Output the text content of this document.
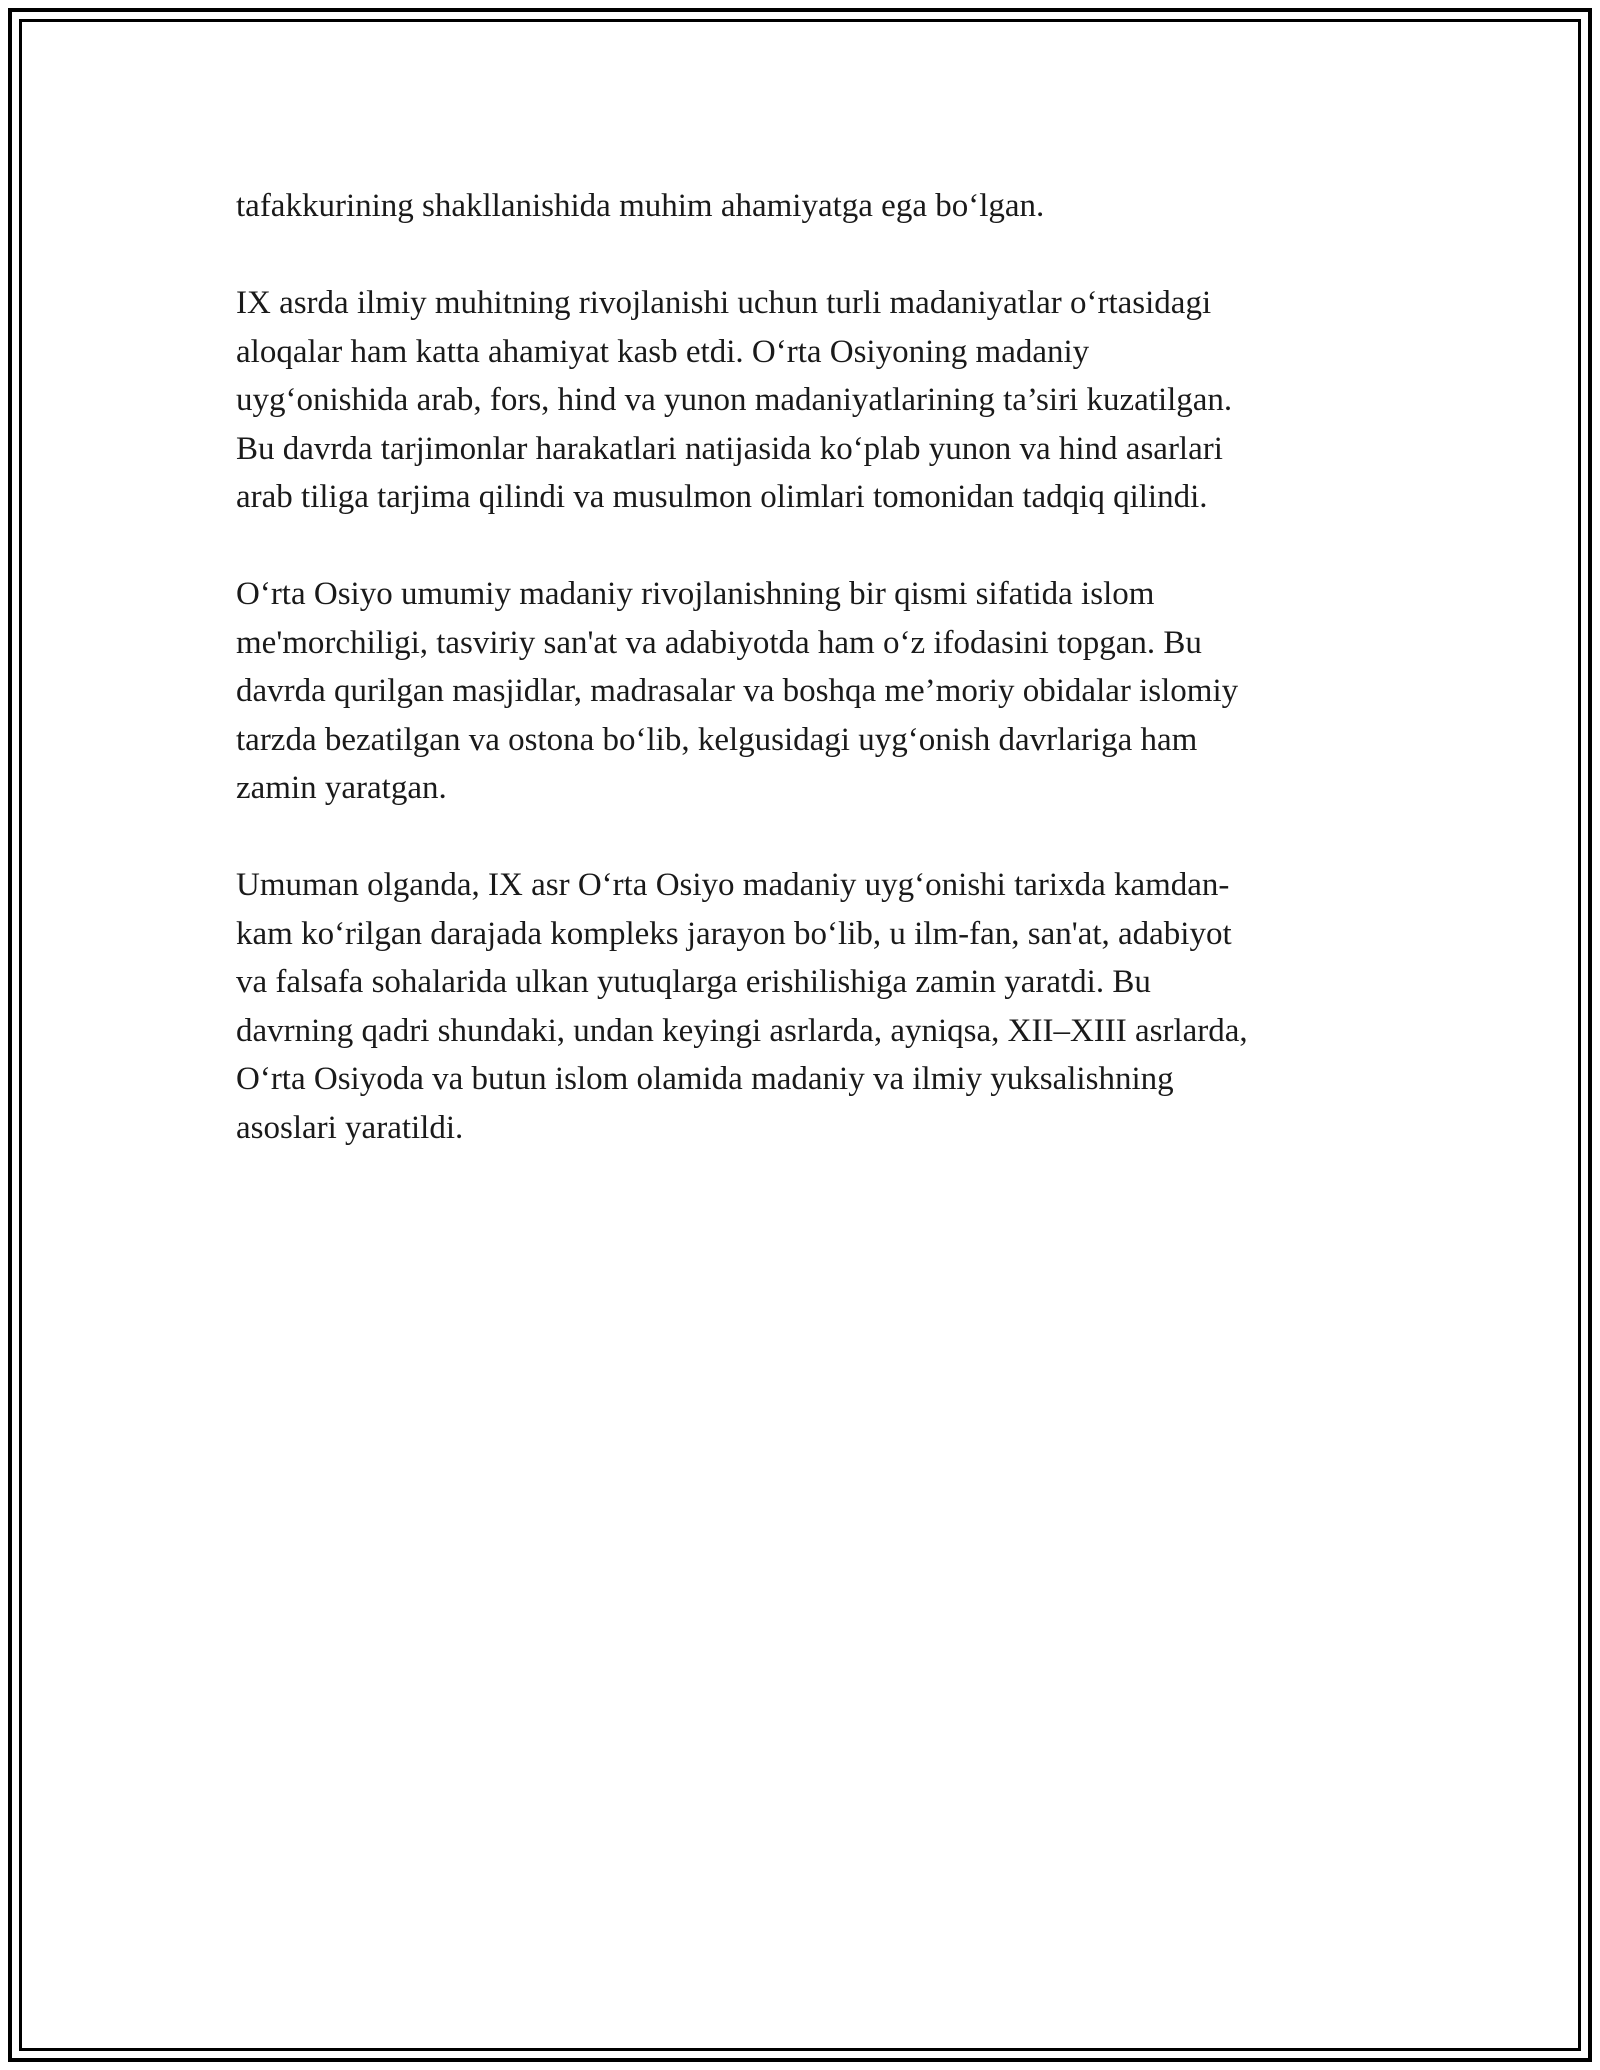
tafakkurining shakllanishida muhim ahamiyatga ega bo‘lgan.

IX asrda ilmiy muhitning rivojlanishi uchun turli madaniyatlar o‘rtasidagi
aloqalar ham katta ahamiyat kasb etdi. O‘rta Osiyoning madaniy
uyg‘onishida arab, fors, hind va yunon madaniyatlarining ta’siri kuzatilgan.
Bu davrda tarjimonlar harakatlari natijasida ko‘plab yunon va hind asarlari
arab tiliga tarjima qilindi va musulmon olimlari tomonidan tadqiq qilindi.

O‘rta Osiyo umumiy madaniy rivojlanishning bir qismi sifatida islom
me'morchiligi, tasviriy san'at va adabiyotda ham o‘z ifodasini topgan. Bu
davrda qurilgan masjidlar, madrasalar va boshqa me’moriy obidalar islomiy
tarzda bezatilgan va ostona bo‘lib, kelgusidagi uyg‘onish davrlariga ham
zamin yaratgan.

Umuman olganda, IX asr O‘rta Osiyo madaniy uyg‘onishi tarixda kamdan-
kam ko‘rilgan darajada kompleks jarayon bo‘lib, u ilm-fan, san'at, adabiyot
va falsafa sohalarida ulkan yutuqlarga erishilishiga zamin yaratdi. Bu
davrning qadri shundaki, undan keyingi asrlarda, ayniqsa, XII–XIII asrlarda,
O‘rta Osiyoda va butun islom olamida madaniy va ilmiy yuksalishning
asoslari yaratildi.
